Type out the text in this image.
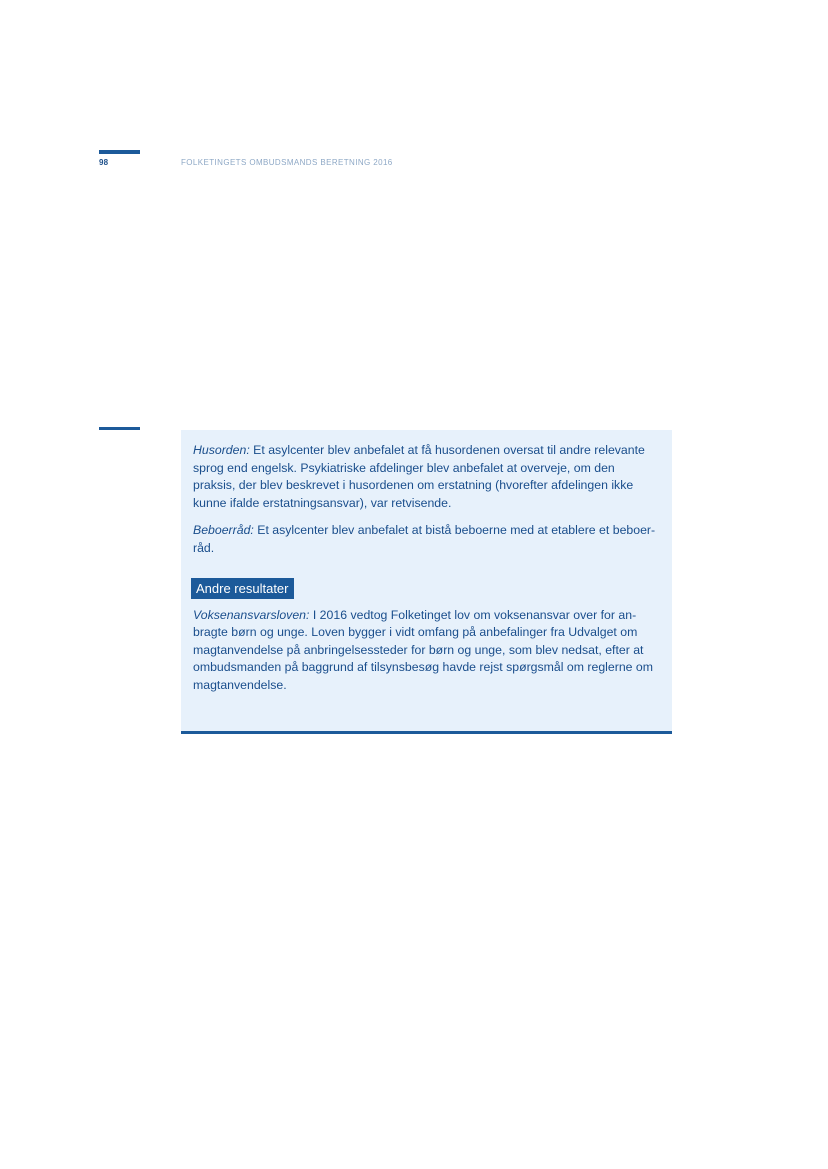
98	FOLKETINGETS OMBUDSMANDS BERETNING 2016

Husorden: Et asylcenter blev anbefalet at få husordenen oversat til andre relevante sprog end engelsk. Psykiatriske afdelinger blev anbefalet at overveje, om den praksis, der blev beskrevet i husordenen om erstatning (hvorefter afdelingen ikke kunne ifalde erstatningsansvar), var retvisende.

Beboerråd: Et asylcenter blev anbefalet at bistå beboerne med at etablere et beboer-råd.

Andre resultater

Voksenansvarsloven: I 2016 vedtog Folketinget lov om voksenansvar over for an-bragte børn og unge. Loven bygger i vidt omfang på anbefalinger fra Udvalget om magtanvendelse på anbringelsessteder for børn og unge, som blev nedsat, efter at ombudsmanden på baggrund af tilsynsbesøg havde rejst spørgsmål om reglerne om magtanvendelse.
